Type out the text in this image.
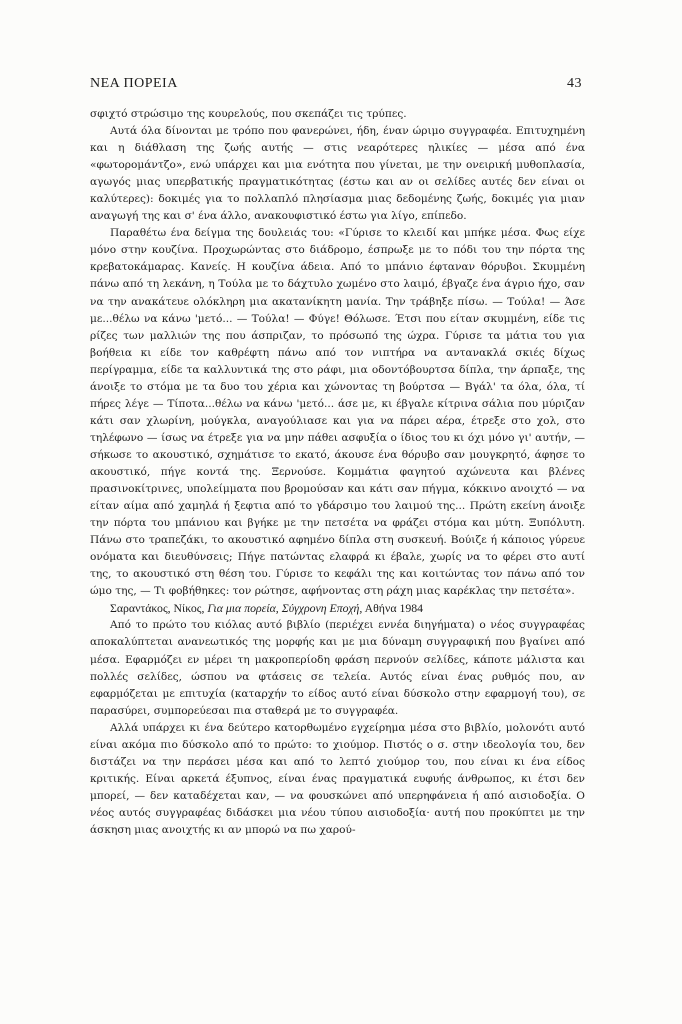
ΝΕΑ ΠΟΡΕΙΑ	43

σφιχτό στρώσιμο της κουρελούς, που σκεπάζει τις τρύπες.

Αυτά όλα δίνονται με τρόπο που φανερώνει, ήδη, έναν ώριμο συγγραφέα. Επιτυχημένη και η διάθλαση της ζωής αυτής — στις νεαρότερες ηλικίες — μέσα από ένα «φωτορομάντζο», ενώ υπάρχει και μια ενότητα που γίνεται, με την ονειρική μυθοπλασία, αγωγός μιας υπερβατικής πραγματικότητας (έστω και αν οι σελίδες αυτές δεν είναι οι καλύτερες): δοκιμές για το πολλαπλό πλησίασμα μιας δεδομένης ζωής, δοκιμές για μιαν αναγωγή της και σ' ένα άλλο, ανακουφιστικό έστω για λίγο, επίπεδο.

Παραθέτω ένα δείγμα της δουλειάς του: «Γύρισε το κλειδί και μπήκε μέσα. Φως είχε μόνο στην κουζίνα. Προχωρώντας στο διάδρομο, έσπρωξε με το πόδι του την πόρτα της κρεβατοκάμαρας. Κανείς. Η κουζίνα άδεια. Από το μπάνιο έφταναν θόρυβοι. Σκυμμένη πάνω από τη λεκάνη, η Τούλα με το δάχτυλο χωμένο στο λαιμό, έβγαζε ένα άγριο ήχο, σαν να την ανακάτευε ολόκληρη μια ακατανίκητη μανία. Την τράβηξε πίσω. — Τούλα! — Άσε με...θέλω να κάνω 'μετό... — Τούλα! — Φύγε! Θόλωσε. Έτσι που είταν σκυμμένη, είδε τις ρίζες των μαλλιών της που άσπριζαν, το πρόσωπό της ώχρα. Γύρισε τα μάτια του για βοήθεια κι είδε τον καθρέφτη πάνω από τον νιπτήρα να αντανακλά σκιές δίχως περίγραμμα, είδε τα καλλυντικά της στο ράφι, μια οδοντόβουρτσα δίπλα, την άρπαξε, της άνοιξε το στόμα με τα δυο του χέρια και χώνοντας τη βούρτσα — Βγάλ' τα όλα, όλα, τί πήρες λέγε — Τίποτα...θέλω να κάνω 'μετό... άσε με, κι έβγαλε κίτρινα σάλια που μύριζαν κάτι σαν χλωρίνη, μούγκλα, αναγούλιασε και για να πάρει αέρα, έτρεξε στο χολ, στο τηλέφωνο — ίσως να έτρεξε για να μην πάθει ασφυξία ο ίδιος του κι όχι μόνο γι' αυτήν, — σήκωσε το ακουστικό, σχημάτισε το εκατό, άκουσε ένα θόρυβο σαν μουγκρητό, άφησε το ακουστικό, πήγε κοντά της. Ξερνούσε. Κομμάτια φαγητού αχώνευτα και βλένες πρασινοκίτρινες, υπολείμματα που βρομούσαν και κάτι σαν πήγμα, κόκκινο ανοιχτό — να είταν αίμα από χαμηλά ή ξεφτια από το γδάρσιμο του λαιμού της... Πρώτη εκείνη άνοιξε την πόρτα του μπάνιου και βγήκε με την πετσέτα να φράζει στόμα και μύτη. Ξυπόλυτη. Πάνω στο τραπεζάκι, το ακουστικό αφημένο δίπλα στη συσκευή. Βούιζε ή κάποιος γύρευε ονόματα και διευθύνσεις; Πήγε πατώντας ελαφρά κι έβαλε, χωρίς να το φέρει στο αυτί της, το ακουστικό στη θέση του. Γύρισε το κεφάλι της και κοιτώντας τον πάνω από τον ώμο της, — Τι φοβήθηκες: τον ρώτησε, αφήνοντας στη ράχη μιας καρέκλας την πετσέτα».

Σαραντάκος, Νίκος, Για μια πορεία, Σύγχρονη Εποχή, Αθήνα 1984

Από το πρώτο του κιόλας αυτό βιβλίο (περιέχει εννέα διηγήματα) ο νέος συγγραφέας αποκαλύπτεται ανανεωτικός της μορφής και με μια δύναμη συγγραφική που βγαίνει από μέσα. Εφαρμόζει εν μέρει τη μακροπερίοδη φράση περνούν σελίδες, κάποτε μάλιστα και πολλές σελίδες, ώσπου να φτάσεις σε τελεία. Αυτός είναι ένας ρυθμός που, αν εφαρμόζεται με επιτυχία (καταρχήν το είδος αυτό είναι δύσκολο στην εφαρμογή του), σε παρασύρει, συμπορεύεσαι πια σταθερά με το συγγραφέα.

Αλλά υπάρχει κι ένα δεύτερο κατορθωμένο εγχείρημα μέσα στο βιβλίο, μολονότι αυτό είναι ακόμα πιο δύσκολο από το πρώτο: το χιούμορ. Πιστός ο σ. στην ιδεολογία του, δεν διστάζει να την περάσει μέσα και από το λεπτό χιούμορ του, που είναι κι ένα είδος κριτικής. Είναι αρκετά έξυπνος, είναι ένας πραγματικά ευφυής άνθρωπος, κι έτσι δεν μπορεί, — δεν καταδέχεται καν, — να φουσκώνει από υπερηφάνεια ή από αισιοδοξία. Ο νέος αυτός συγγραφέας διδάσκει μια νέου τύπου αισιοδοξία· αυτή που προκύπτει με την άσκηση μιας ανοιχτής κι αν μπορώ να πω χαρού-
